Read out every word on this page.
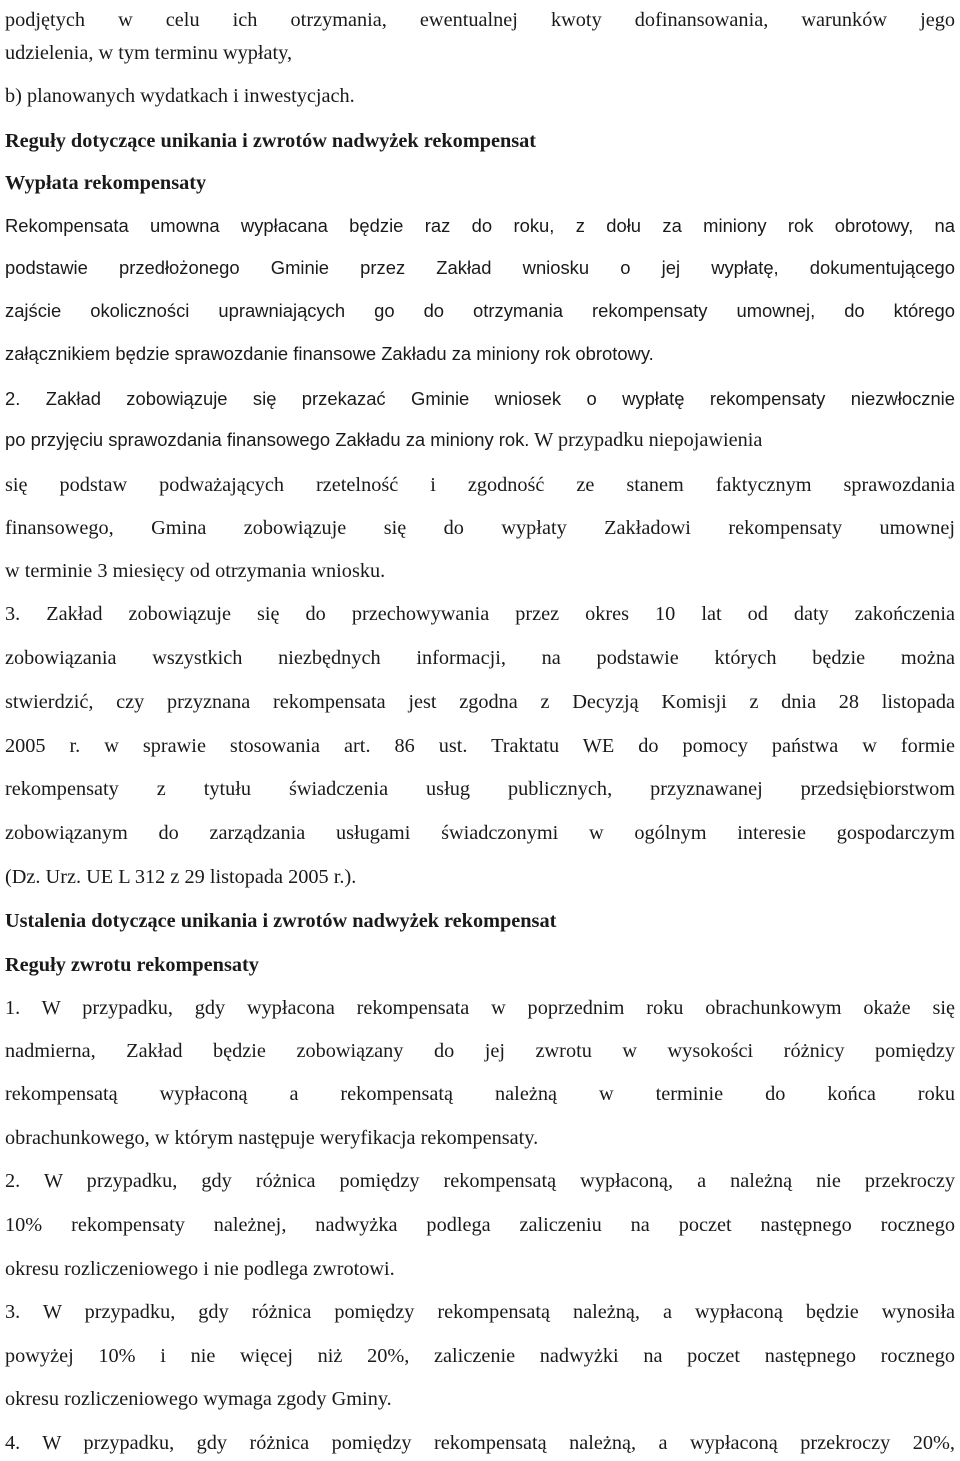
podjętych w celu ich otrzymania, ewentualnej kwoty dofinansowania, warunków jego
udzielenia, w tym terminu wypłaty,
b) planowanych wydatkach i inwestycjach.
Reguły dotyczące unikania i zwrotów nadwyżek rekompensat
Wypłata rekompensaty
Rekompensata umowna wypłacana będzie raz do roku, z dołu za miniony rok obrotowy, na
podstawie przedłożonego Gminie przez Zakład wniosku o jej wypłatę, dokumentującego
zajście okoliczności uprawniających go do otrzymania rekompensaty umownej, do którego
załącznikiem będzie sprawozdanie finansowe Zakładu za miniony rok obrotowy.
2. Zakład zobowiązuje się przekazać Gminie wniosek o wypłatę rekompensaty niezwłocznie
po przyjęciu sprawozdania finansowego Zakładu za miniony rok. W przypadku niepojawienia
się podstaw podważających rzetelność i zgodność ze stanem faktycznym sprawozdania
finansowego, Gmina zobowiązuje się do wypłaty Zakładowi rekompensaty umownej
w terminie 3 miesięcy od otrzymania wniosku.
3. Zakład zobowiązuje się do przechowywania przez okres 10 lat od daty zakończenia
zobowiązania wszystkich niezbędnych informacji, na podstawie których będzie można
stwierdzić, czy przyznana rekompensata jest zgodna z Decyzją Komisji z dnia 28 listopada
2005 r. w sprawie stosowania art. 86 ust. Traktatu WE do pomocy państwa w formie
rekompensaty z tytułu świadczenia usług publicznych, przyznawanej przedsiębiorstwom
zobowiązanym do zarządzania usługami świadczonymi w ogólnym interesie gospodarczym
(Dz. Urz. UE L 312 z 29 listopada 2005 r.).
Ustalenia dotyczące unikania i zwrotów nadwyżek rekompensat
Reguły zwrotu rekompensaty
1. W przypadku, gdy wypłacona rekompensata w poprzednim roku obrachunkowym okaże się
nadmierna, Zakład będzie zobowiązany do jej zwrotu w wysokości różnicy pomiędzy
rekompensatą wypłaconą a rekompensatą należną w terminie do końca roku
obrachunkowego, w którym następuje weryfikacja rekompensaty.
2. W przypadku, gdy różnica pomiędzy rekompensatą wypłaconą, a należną nie przekroczy
10% rekompensaty należnej, nadwyżka podlega zaliczeniu na poczet następnego rocznego
okresu rozliczeniowego i nie podlega zwrotowi.
3. W przypadku, gdy różnica pomiędzy rekompensatą należną, a wypłaconą będzie wynosiła
powyżej 10% i nie więcej niż 20%, zaliczenie nadwyżki na poczet następnego rocznego
okresu rozliczeniowego wymaga zgody Gminy.
4. W przypadku, gdy różnica pomiędzy rekompensatą należną, a wypłaconą przekroczy 20%,
